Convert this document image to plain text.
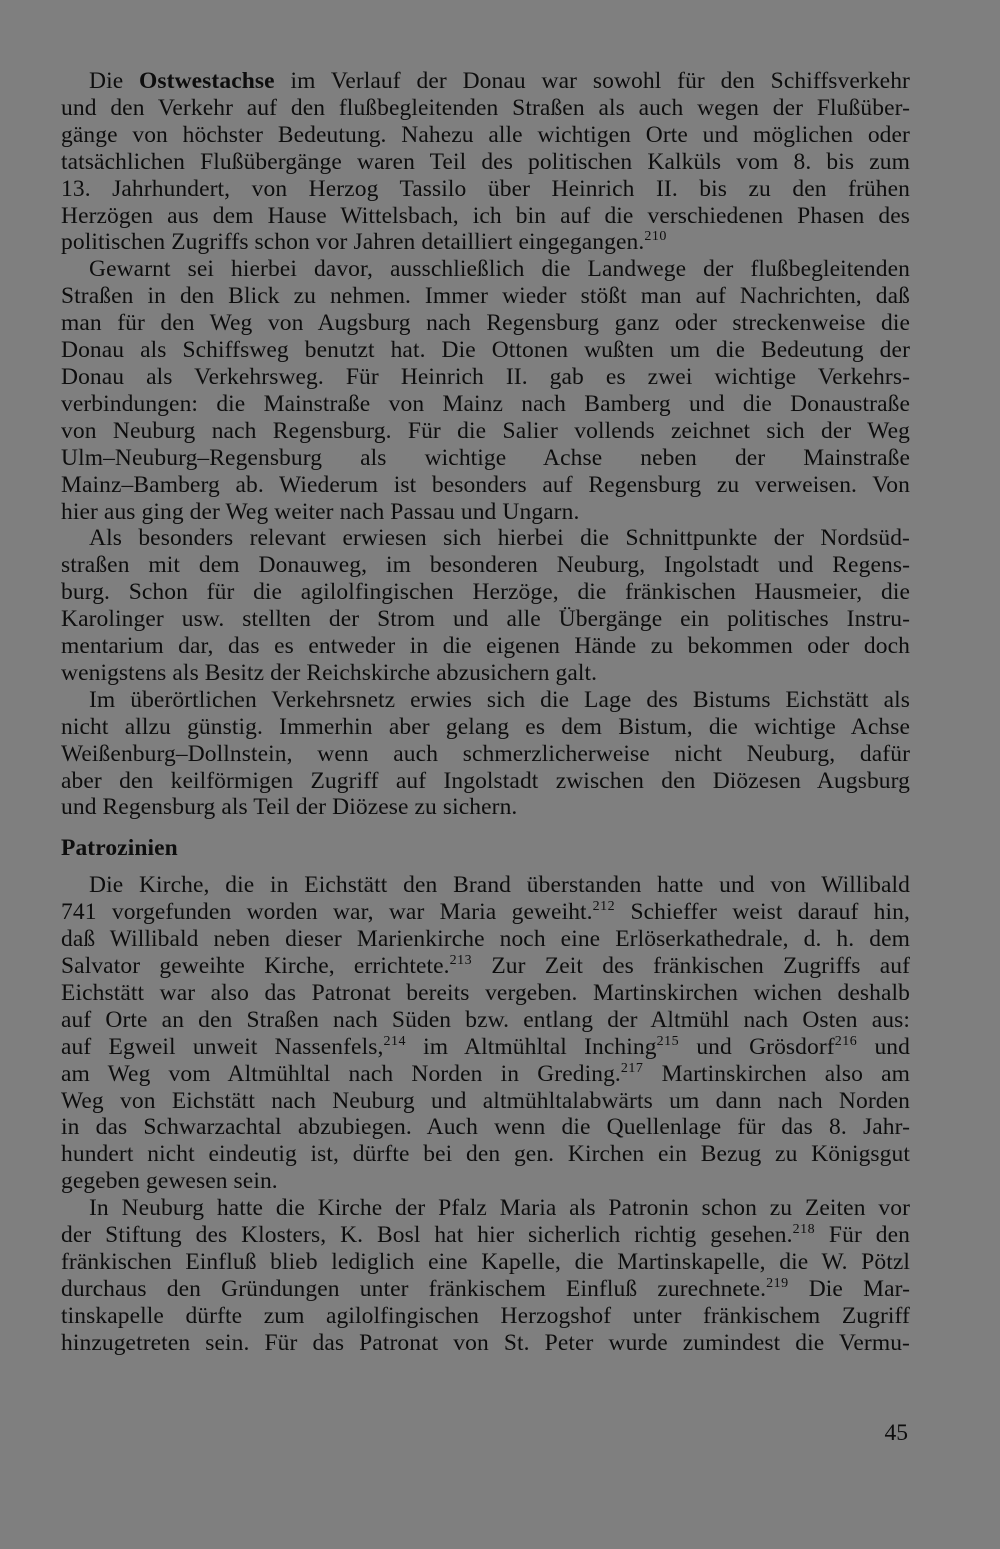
Die Ostwestachse im Verlauf der Donau war sowohl für den Schiffsverkehr
und den Verkehr auf den flußbegleitenden Straßen als auch wegen der Flußüber-
gänge von höchster Bedeutung. Nahezu alle wichtigen Orte und möglichen oder
tatsächlichen Flußübergänge waren Teil des politischen Kalküls vom 8. bis zum
13. Jahrhundert, von Herzog Tassilo über Heinrich II. bis zu den frühen
Herzögen aus dem Hause Wittelsbach, ich bin auf die verschiedenen Phasen des
politischen Zugriffs schon vor Jahren detailliert eingegangen.$^{210}$

Gewarnt sei hierbei davor, ausschließlich die Landwege der flußbegleitenden
Straßen in den Blick zu nehmen. Immer wieder stößt man auf Nachrichten, daß
man für den Weg von Augsburg nach Regensburg ganz oder streckenweise die
Donau als Schiffsweg benutzt hat. Die Ottonen wußten um die Bedeutung der
Donau als Verkehrsweg. Für Heinrich II. gab es zwei wichtige Verkehrs-
verbindungen: die Mainstraße von Mainz nach Bamberg und die Donaustraße
von Neuburg nach Regensburg. Für die Salier vollends zeichnet sich der Weg
Ulm–Neuburg–Regensburg als wichtige Achse neben der Mainstraße
Mainz–Bamberg ab. Wiederum ist besonders auf Regensburg zu verweisen. Von
hier aus ging der Weg weiter nach Passau und Ungarn.

Als besonders relevant erwiesen sich hierbei die Schnittpunkte der Nordsüd-
straßen mit dem Donauweg, im besonderen Neuburg, Ingolstadt und Regens-
burg. Schon für die agilolfingischen Herzöge, die fränkischen Hausmeier, die
Karolinger usw. stellten der Strom und alle Übergänge ein politisches Instru-
mentarium dar, das es entweder in die eigenen Hände zu bekommen oder doch
wenigstens als Besitz der Reichskirche abzusichern galt.

Im überörtlichen Verkehrsnetz erwies sich die Lage des Bistums Eichstätt als
nicht allzu günstig. Immerhin aber gelang es dem Bistum, die wichtige Achse
Weißenburg–Dollnstein, wenn auch schmerzlicherweise nicht Neuburg, dafür
aber den keilförmigen Zugriff auf Ingolstadt zwischen den Diözesen Augsburg
und Regensburg als Teil der Diözese zu sichern.

Patrozinien

Die Kirche, die in Eichstätt den Brand überstanden hatte und von Willibald
741 vorgefunden worden war, war Maria geweiht.$^{212}$ Schieffer weist darauf hin,
daß Willibald neben dieser Marienkirche noch eine Erlöserkathedrale, d. h. dem
Salvator geweihte Kirche, errichtete.$^{213}$ Zur Zeit des fränkischen Zugriffs auf
Eichstätt war also das Patronat bereits vergeben. Martinskirchen wichen deshalb
auf Orte an den Straßen nach Süden bzw. entlang der Altmühl nach Osten aus:
auf Egweil unweit Nassenfels,$^{214}$ im Altmühltal Inching$^{215}$ und Grösdorf$^{216}$ und
am Weg vom Altmühltal nach Norden in Greding.$^{217}$ Martinskirchen also am
Weg von Eichstätt nach Neuburg und altmühltalabwärts um dann nach Norden
in das Schwarzachtal abzubiegen. Auch wenn die Quellenlage für das 8. Jahr-
hundert nicht eindeutig ist, dürfte bei den gen. Kirchen ein Bezug zu Königsgut
gegeben gewesen sein.

In Neuburg hatte die Kirche der Pfalz Maria als Patronin schon zu Zeiten vor
der Stiftung des Klosters, K. Bosl hat hier sicherlich richtig gesehen.$^{218}$ Für den
fränkischen Einfluß blieb lediglich eine Kapelle, die Martinskapelle, die W. Pötzl
durchaus den Gründungen unter fränkischem Einfluß zurechnete.$^{219}$ Die Mar-
tinskapelle dürfte zum agilolfingischen Herzogshof unter fränkischem Zugriff
hinzugetreten sein. Für das Patronat von St. Peter wurde zumindest die Vermu-

45
